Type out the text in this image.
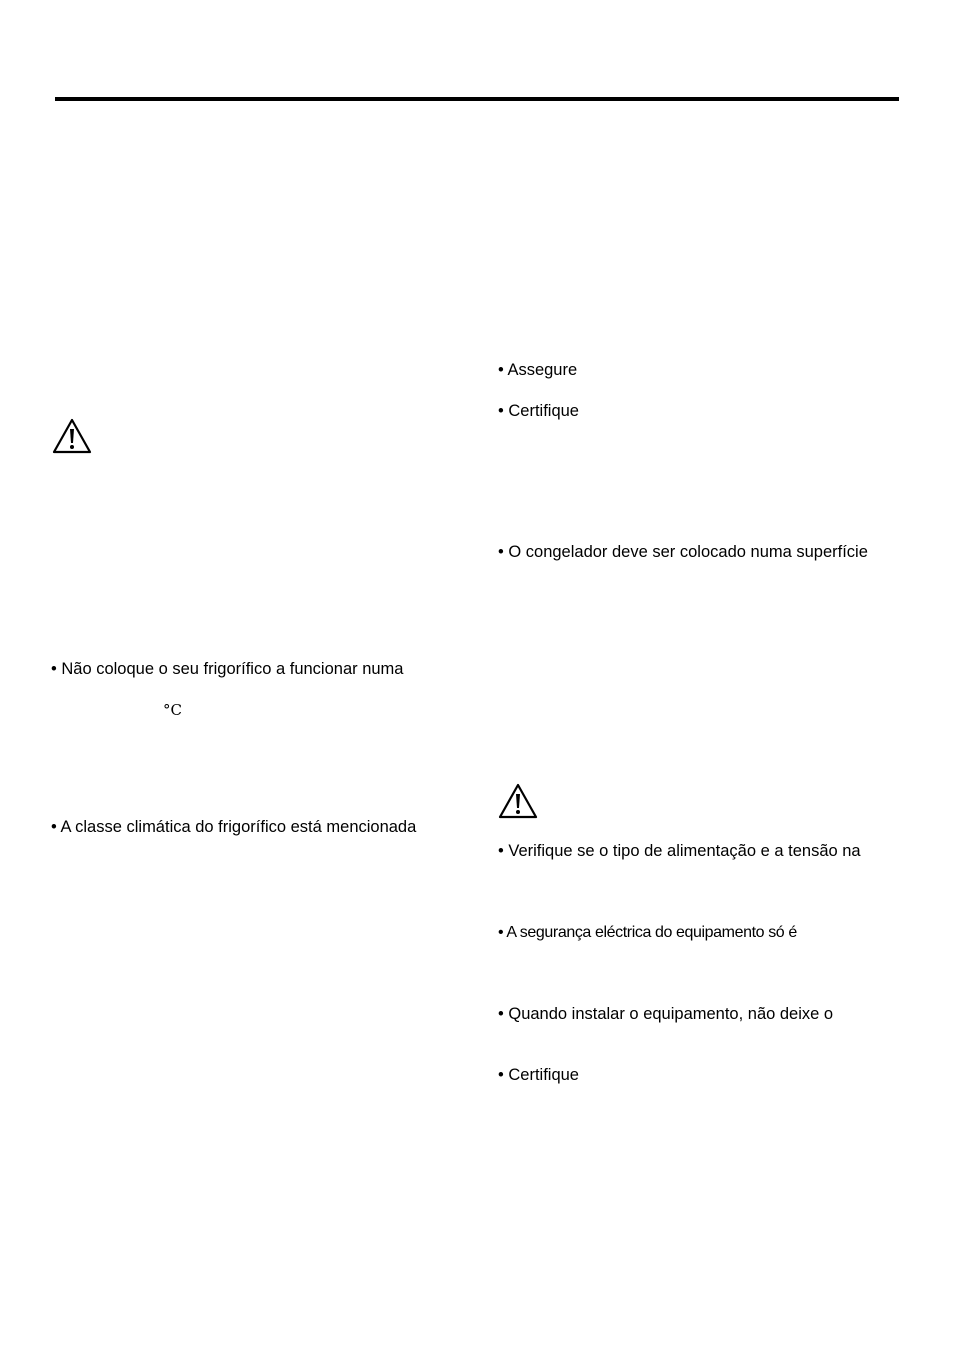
• Não coloque o seu frigorífico a funcionar numa
°C
• A classe climática do frigorífico está mencionada
• Assegure
• Certifique
• O congelador deve ser colocado numa superfície
• Verifique se o tipo de alimentação e a tensão na
• A segurança eléctrica do equipamento só é
• Quando instalar o equipamento, não deixe o
• Certifique
